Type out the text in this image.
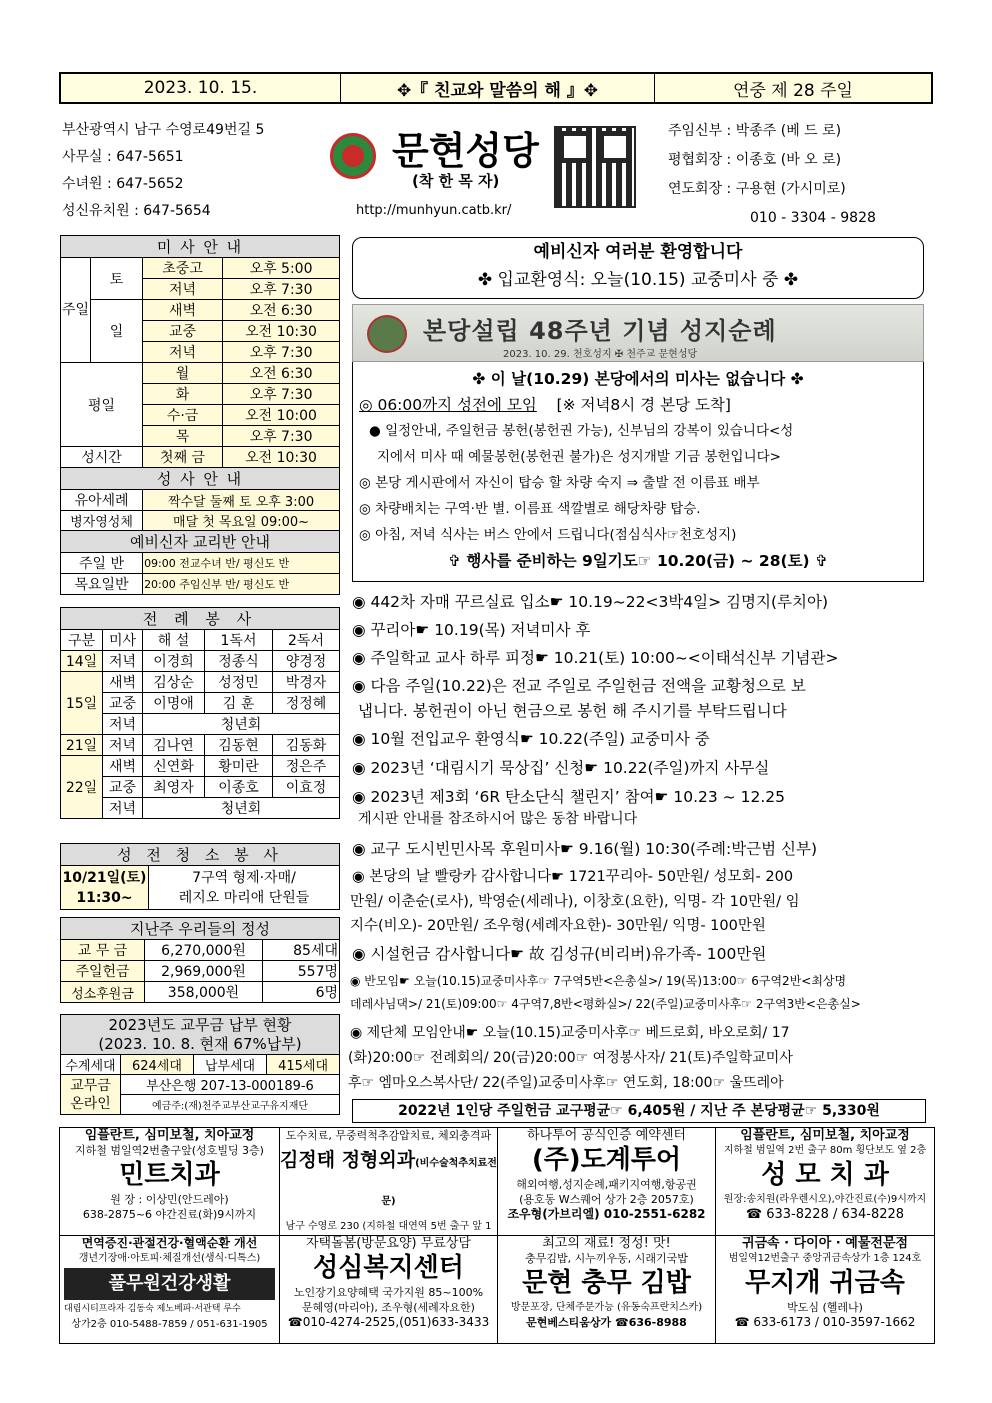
2023. 10. 15.	✥『 친교와 말씀의 해 』✥	연중 제 28 주일
부산광역시 남구 수영로49번길 5
사무실 : 647-5651
수녀원 : 647-5652
성신유치원 : 647-5654
문현성당
(착 한 목 자)
http://munhyun.catb.kr/
주임신부 : 박종주 (베 드 로)
평협회장 : 이종호 (바 오 로)
연도회장 : 구용현 (가시미로)
010 - 3304 - 9828
미 사 안 내			
주일	토	초중고	오후 5:00
		저녁	오후 7:30
	일	새벽	오전 6:30
		교중	오전 10:30
		저녁	오후 7:30
평일		월	오전 6:30
		화	오후 7:30
		수·금	오전 10:00
		목	오후 7:30
성시간		첫째 금	오전 10:30
성 사 안 내			
유아세례		짝수달 둘째 토 오후 3:00	
병자영성체		매달 첫 목요일 09:00~	
예비신자 교리반 안내			
주일 반		09:00 전교수녀 반/ 평신도 반	
목요일반		20:00 주임신부 반/ 평신도 반	
전 례 봉 사				
구분	미사	해 설	1독서	2독서
14일	저녁	이경희	정종식	양경정
15일	새벽	김상순	성정민	박경자
	교중	이명애	김 훈	정정혜
	저녁	청년회		
21일	저녁	김나연	김동현	김동화
22일	새벽	신연화	황미란	정은주
	교중	최영자	이종호	이효정
	저녁	청년회		
성 전 청 소 봉 사
10/21일(토)
11:30~	7구역 형제·자매/
레지오 마리애 단원들
지난주 우리들의 정성		
교 무 금	6,270,000원	85세대
주일헌금	2,969,000원	557명
성소후원금	358,000원	6명
2023년도 교무금 납부 현황
(2023. 10. 8. 현재 67%납부)			
수계세대	624세대	납부세대	415세대
교무금
온라인	부산은행 207-13-000189-6		
	예금주:(재)천주교부산교구유지재단		
예비신자 여러분 환영합니다
✤ 입교환영식: 오늘(10.15) 교중미사 중 ✤
본당설립 48주년 기념 성지순례
2023. 10. 29. 천호성지 ✠ 천주교 문현성당
✤ 이 날(10.29) 본당에서의 미사는 없습니다 ✤
◎ 06:00까지 성전에 모임 [※ 저녁8시 경 본당 도착]
● 일정안내, 주일헌금 봉헌(봉헌권 가능), 신부님의 강복이 있습니다<성
지에서 미사 때 예물봉헌(봉헌권 불가)은 성지개발 기금 봉헌입니다>
◎ 본당 게시판에서 자신이 탑승 할 차량 숙지 ⇒ 출발 전 이름표 배부
◎ 차량배치는 구역·반 별. 이름표 색깔별로 해당차량 탑승.
◎ 아침, 저녁 식사는 버스 안에서 드립니다(점심식사☞천호성지)
✞ 행사를 준비하는 9일기도☞ 10.20(금) ~ 28(토) ✞
◉ 442차 자매 꾸르실료 입소☛ 10.19~22<3박4일> 김명지(루치아)
◉ 꾸리아☛ 10.19(목) 저녁미사 후
◉ 주일학교 교사 하루 피정☛ 10.21(토) 10:00~<이태석신부 기념관>
◉ 다음 주일(10.22)은 전교 주일로 주일헌금 전액을 교황청으로 보
냅니다. 봉헌권이 아닌 현금으로 봉헌 해 주시기를 부탁드립니다
◉ 10월 전입교우 환영식☛ 10.22(주일) 교중미사 중
◉ 2023년 ‘대림시기 묵상집’ 신청☛ 10.22(주일)까지 사무실
◉ 2023년 제3회 ‘6R 탄소단식 챌린지’ 참여☛ 10.23 ~ 12.25
게시판 안내를 참조하시어 많은 동참 바랍니다
◉ 교구 도시빈민사목 후원미사☛ 9.16(월) 10:30(주례:박근범 신부)
◉ 본당의 날 빨랑카 감사합니다☛ 1721꾸리아- 50만원/ 성모회- 200
만원/ 이춘순(로사), 박영순(세레나), 이창호(요한), 익명- 각 10만원/ 임
지수(비오)- 20만원/ 조우형(세례자요한)- 30만원/ 익명- 100만원
◉ 시설헌금 감사합니다☛ 故 김성규(비리버)유가족- 100만원
◉ 반모임☛ 오늘(10.15)교중미사후☞ 7구역5반<은총실>/ 19(목)13:00☞ 6구역2반<최상명
데레사님댁>/ 21(토)09:00☞ 4구역7,8반<평화실>/ 22(주일)교중미사후☞ 2구역3반<은총실>
◉ 제단체 모임안내☛ 오늘(10.15)교중미사후☞ 베드로회, 바오로회/ 17
(화)20:00☞ 전례회의/ 20(금)20:00☞ 여정봉사자/ 21(토)주일학교미사
후☞ 엠마오스복사단/ 22(주일)교중미사후☞ 연도회, 18:00☞ 울뜨레아
2022년 1인당 주일헌금 교구평균☞ 6,405원 / 지난 주 본당평균☞ 5,330원
임플란트, 심미보철, 치아교정
지하철 범일역2번출구앞(성호빌딩 3층)
민트치과
원 장 : 이상민(안드레아)
638-2875~6 야간진료(화)9시까지
도수치료, 무중력척추감압치료, 체외충격파
김정태 정형외과(비수술척추치료전문)
남구 수영로 230 (지하철 대연역 5번 출구 앞 1
하나투어 공식인증 예약센터
(주)도계투어
해외여행,성지순례,패키지여행,항공권
(용호동 W스퀘어 상가 2층 2057호)
조우형(가브리엘) 010-2551-6282
임플란트, 심미보철, 치아교정
지하철 범일역 2번 출구 80m 횡단보도 옆 2층
성 모 치 과
원장:송치원(라우렌시오),야간진료(수)9시까지
☎ 633-8228 / 634-8228
면역증진·관절건강·혈액순환 개선
갱년기장애·아토피·체질개선(생식·디톡스)
풀무원건강생활
대림시티프라자 김동숙 제노베파·서관택 루수
상가2층 010-5488-7859 / 051-631-1905
자택돌봄(방문요양) 무료상담
성심복지센터
노인장기요양혜택 국가지원 85~100%
문혜영(마리아), 조우형(세례자요한)
☎010-4274-2525,(051)633-3433
최고의 재료! 정성! 맛!
충무김밥, 시누끼우동, 시래기국밥
문현 충무 김밥
방문포장, 단체주문가능 (유동숙프란치스카)
문현베스티움상가 ☎636-8988
귀금속 · 다이아 · 예물전문점
범일역12번출구 중앙귀금속상가 1층 124호
무지개 귀금속
박도심 (헬레나)
☎ 633-6173 / 010-3597-1662
